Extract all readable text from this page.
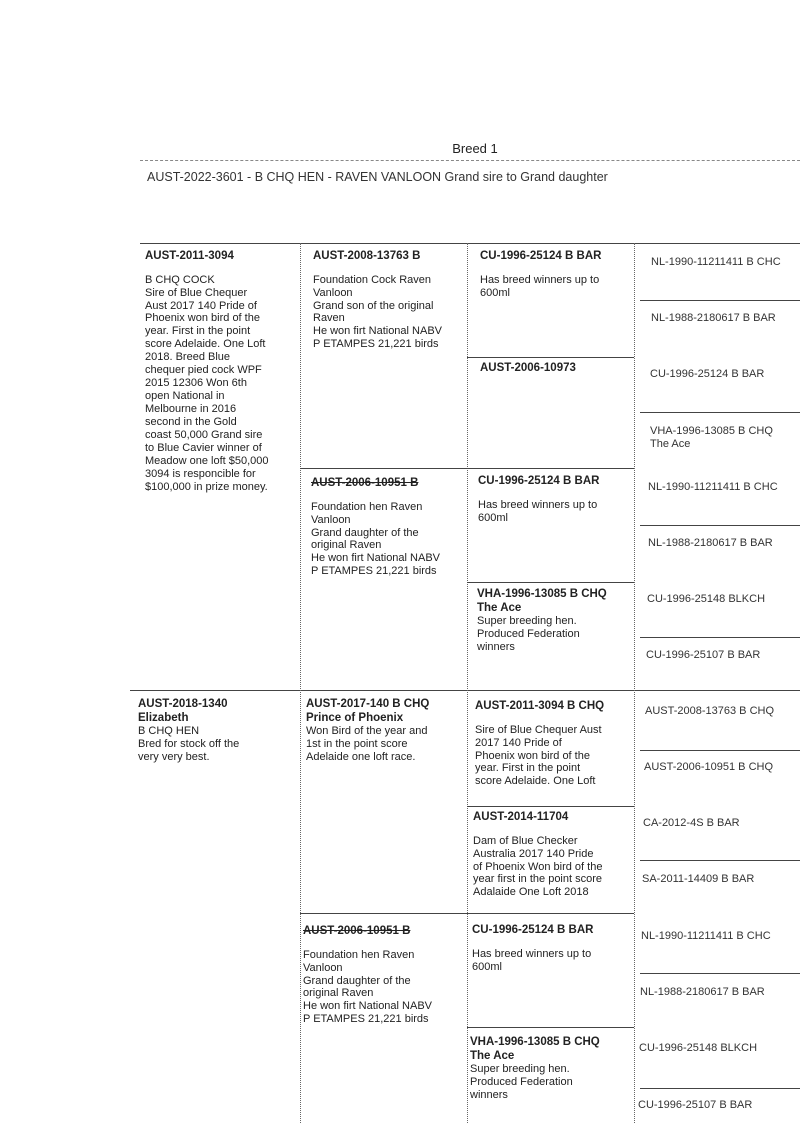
Breed 1
AUST-2022-3601 - B CHQ HEN - RAVEN VANLOON Grand sire to Grand daughter
AUST-2011-3094
B CHQ COCK
Sire of Blue Chequer
Aust 2017 140 Pride of
Phoenix won bird of the
year. First in the point
score Adelaide. One Loft
2018. Breed Blue
chequer pied cock WPF
2015 12306 Won 6th
open National in
Melbourne in 2016
second in the Gold
coast 50,000 Grand sire
to Blue Cavier winner of
Meadow one loft $50,000
3094 is responcible for
$100,000 in prize money.
AUST-2018-1340
Elizabeth
B CHQ HEN
Bred for stock off the
very very best.
AUST-2008-13763 B
Foundation Cock Raven
Vanloon
Grand son of the original
Raven
He won firt National NABV
P ETAMPES 21,221 birds
AUST-2006-10951 B
Foundation hen Raven
Vanloon
Grand daughter of the
original Raven
He won firt National NABV
P ETAMPES 21,221 birds
AUST-2017-140 B CHQ
Prince of Phoenix
Won Bird of the year and
1st in the point score
Adelaide one loft race.
AUST-2006-10951 B
Foundation hen Raven
Vanloon
Grand daughter of the
original Raven
He won firt National NABV
P ETAMPES 21,221 birds
CU-1996-25124 B BAR
Has breed winners up to
600ml
AUST-2006-10973
CU-1996-25124 B BAR
Has breed winners up to
600ml
VHA-1996-13085 B CHQ
The Ace
Super breeding hen.
Produced Federation
winners
AUST-2011-3094 B CHQ
Sire of Blue Chequer Aust
2017 140 Pride of
Phoenix won bird of the
year. First in the point
score Adelaide. One Loft
AUST-2014-11704
Dam of Blue Checker
Australia 2017 140 Pride
of Phoenix Won bird of the
year first in the point score
Adalaide One Loft 2018
CU-1996-25124 B BAR
Has breed winners up to
600ml
VHA-1996-13085 B CHQ
The Ace
Super breeding hen.
Produced Federation
winners
NL-1990-11211411 B CHC
NL-1988-2180617 B BAR
CU-1996-25124 B BAR
VHA-1996-13085 B CHQ
The Ace
NL-1990-11211411 B CHC
NL-1988-2180617 B BAR
CU-1996-25148 BLKCH
CU-1996-25107 B BAR
AUST-2008-13763 B CHQ
AUST-2006-10951 B CHQ
CA-2012-4S B BAR
SA-2011-14409 B BAR
NL-1990-11211411 B CHC
NL-1988-2180617 B BAR
CU-1996-25148 BLKCH
CU-1996-25107 B BAR
